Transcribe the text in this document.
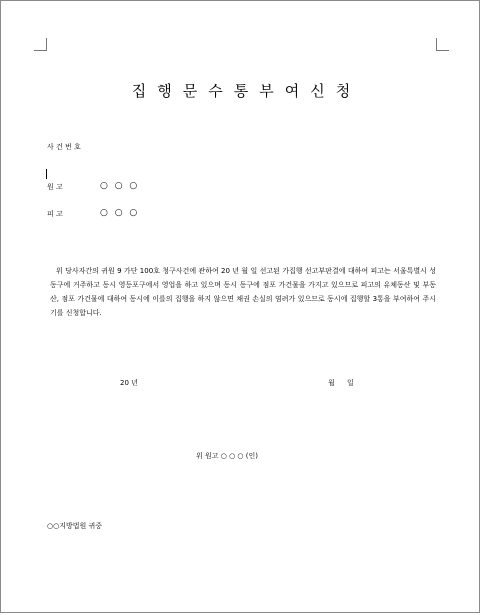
집행문수통부여신청
사 건 번 호
원 고	○ ○ ○
피 고	○ ○ ○
위 당사자간의 귀원 9 가단 100호 청구사건에 관하여 20 년 월 일 선고된 가집행 선고부판결에 대하여 피고는 서울특별시 성동구에 거주하고 동시 영등포구에서 영업을 하고 있으며 동시 동구에 점포 가건물을 가지고 있으므로 피고의 유체동산 및 부동산, 점포 가건물에 대하여 동시에 이를의 집행을 하지 않으면 채권 손실의 염려가 있으므로 동시에 집행할 3통을 부여하여 주시기를 신청합니다.
20 년	월 일
위 원고 ○ ○ ○ (인)
○○지방법원 귀중
